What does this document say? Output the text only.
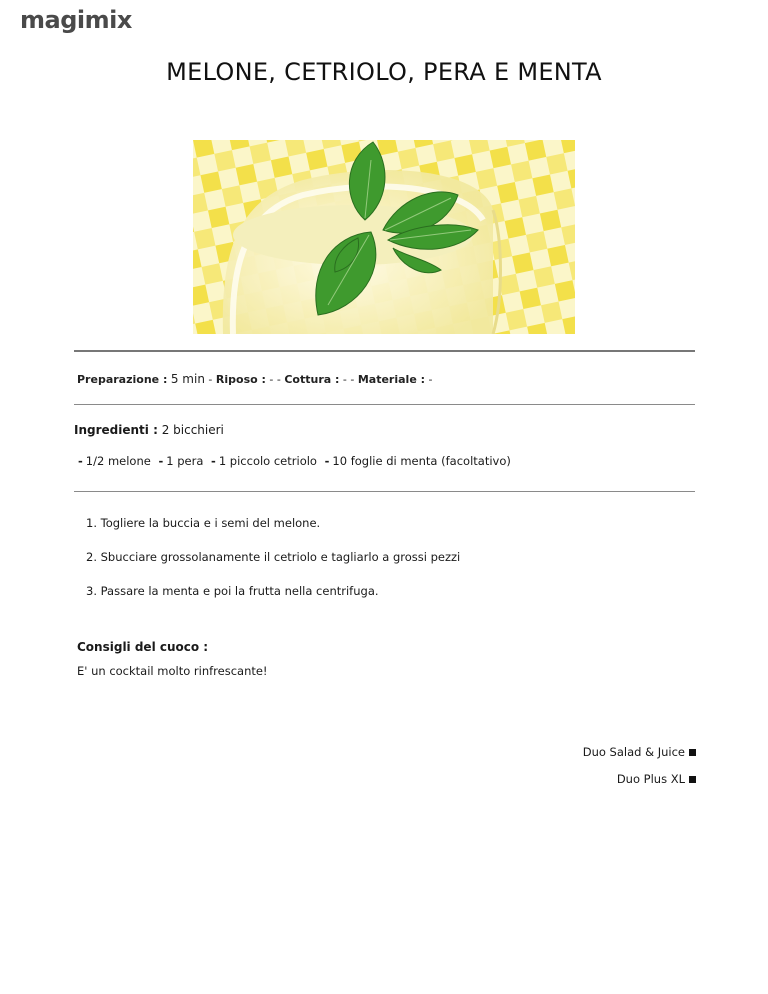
magimix
MELONE, CETRIOLO, PERA E MENTA
Preparazione : 5 min - Riposo : - - Cottura : - - Materiale : -
Ingredienti : 2 bicchieri
- 1/2 melone - 1 pera - 1 piccolo cetriolo - 10 foglie di menta (facoltativo)
1. Togliere la buccia e i semi del melone.
2. Sbucciare grossolanamente il cetriolo e tagliarlo a grossi pezzi
3. Passare la menta e poi la frutta nella centrifuga.
Consigli del cuoco :
E' un cocktail molto rinfrescante!
Duo Salad & Juice
Duo Plus XL
